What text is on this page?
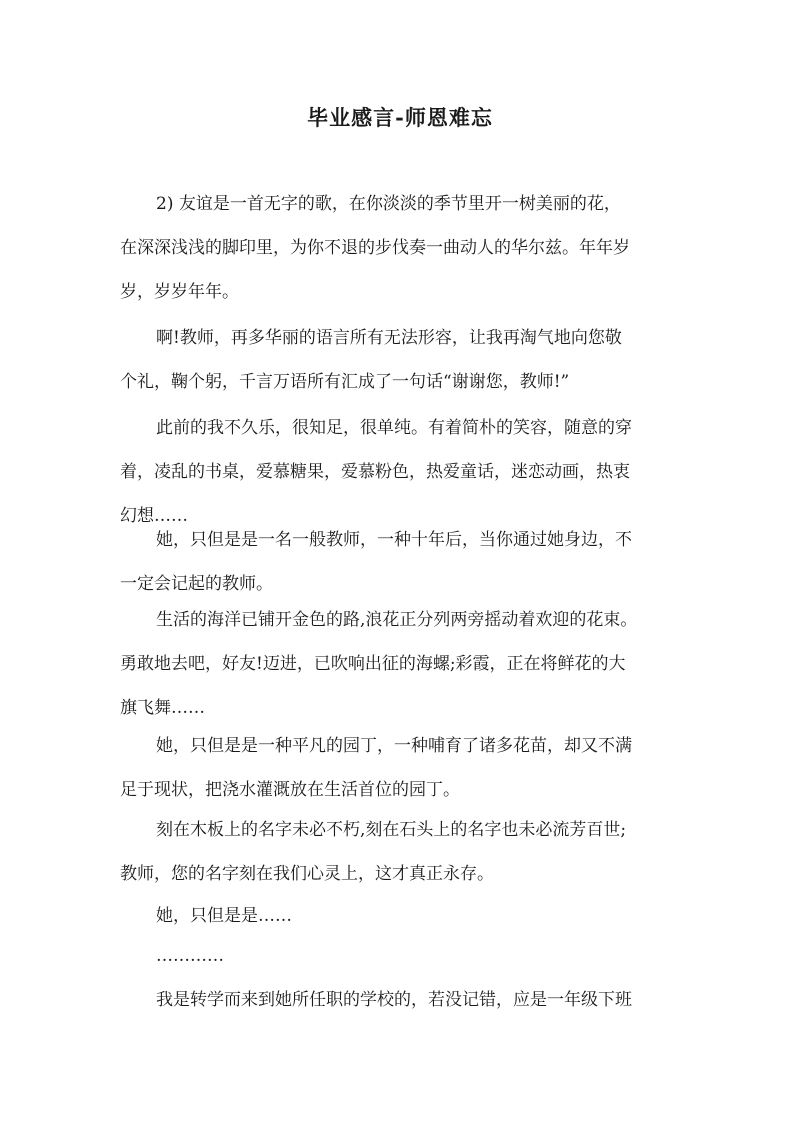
毕业感言-师恩难忘
2) 友谊是一首无字的歌，在你淡淡的季节里开一树美丽的花，
在深深浅浅的脚印里，为你不退的步伐奏一曲动人的华尔兹。年年岁
岁，岁岁年年。
啊!教师，再多华丽的语言所有无法形容，让我再淘气地向您敬
个礼，鞠个躬，千言万语所有汇成了一句话“谢谢您，教师!”
此前的我不久乐，很知足，很单纯。有着简朴的笑容，随意的穿
着，凌乱的书桌，爱慕糖果，爱慕粉色，热爱童话，迷恋动画，热衷
幻想……
她，只但是是一名一般教师，一种十年后，当你通过她身边，不
一定会记起的教师。
生活的海洋已铺开金色的路,浪花正分列两旁摇动着欢迎的花束。
勇敢地去吧，好友!迈进，已吹响出征的海螺;彩霞，正在将鲜花的大
旗飞舞……
她，只但是是一种平凡的园丁，一种哺育了诸多花苗，却又不满
足于现状，把浇水灌溉放在生活首位的园丁。
刻在木板上的名字未必不朽,刻在石头上的名字也未必流芳百世;
教师，您的名字刻在我们心灵上，这才真正永存。
她，只但是是……
…………
我是转学而来到她所任职的学校的，若没记错，应是一年级下班
